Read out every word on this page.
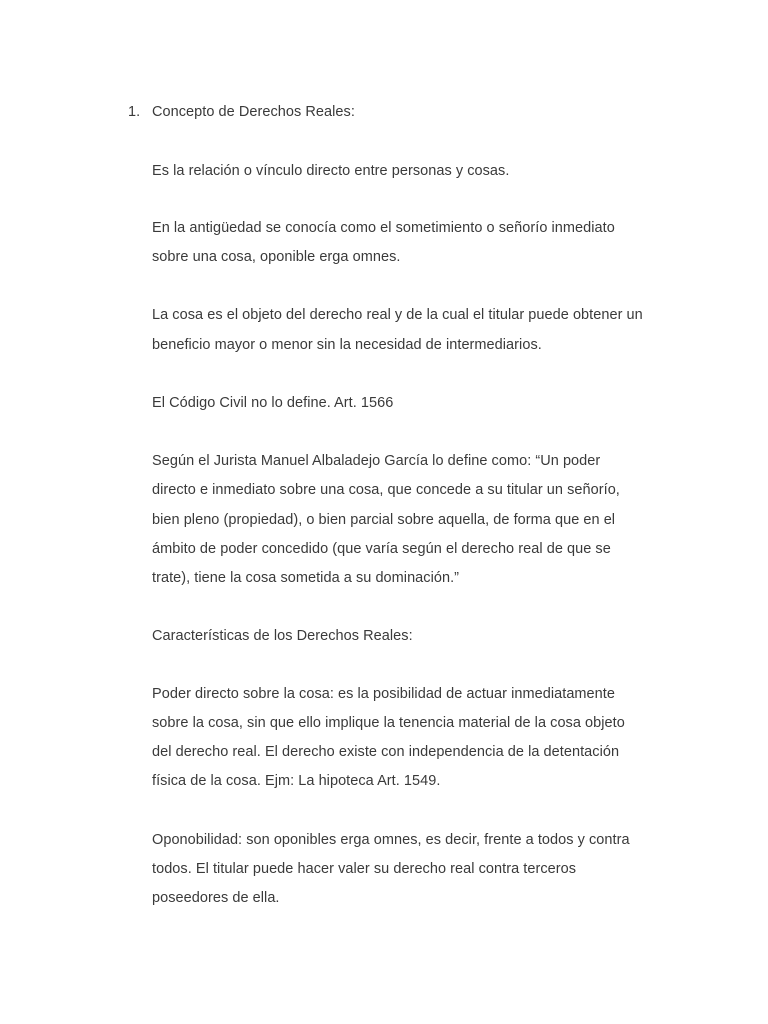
1. Concepto de Derechos Reales:
Es la relación o vínculo directo entre personas y cosas.
En la antigüedad se conocía como el sometimiento o señorío inmediato
sobre una cosa, oponible erga omnes.
La cosa es el objeto del derecho real y de la cual el titular puede obtener un
beneficio mayor o menor sin la necesidad de intermediarios.
El Código Civil no lo define. Art. 1566
Según el Jurista Manuel Albaladejo García lo define como: “Un poder
directo e inmediato sobre una cosa, que concede a su titular un señorío,
bien pleno (propiedad), o bien parcial sobre aquella, de forma que en el
ámbito de poder concedido (que varía según el derecho real de que se
trate), tiene la cosa sometida a su dominación.”
Características de los Derechos Reales:
Poder directo sobre la cosa: es la posibilidad de actuar inmediatamente
sobre la cosa, sin que ello implique la tenencia material de la cosa objeto
del derecho real. El derecho existe con independencia de la detentación
física de la cosa. Ejm: La hipoteca Art. 1549.
Oponobilidad: son oponibles erga omnes, es decir, frente a todos y contra
todos. El titular puede hacer valer su derecho real contra terceros
poseedores de ella.
